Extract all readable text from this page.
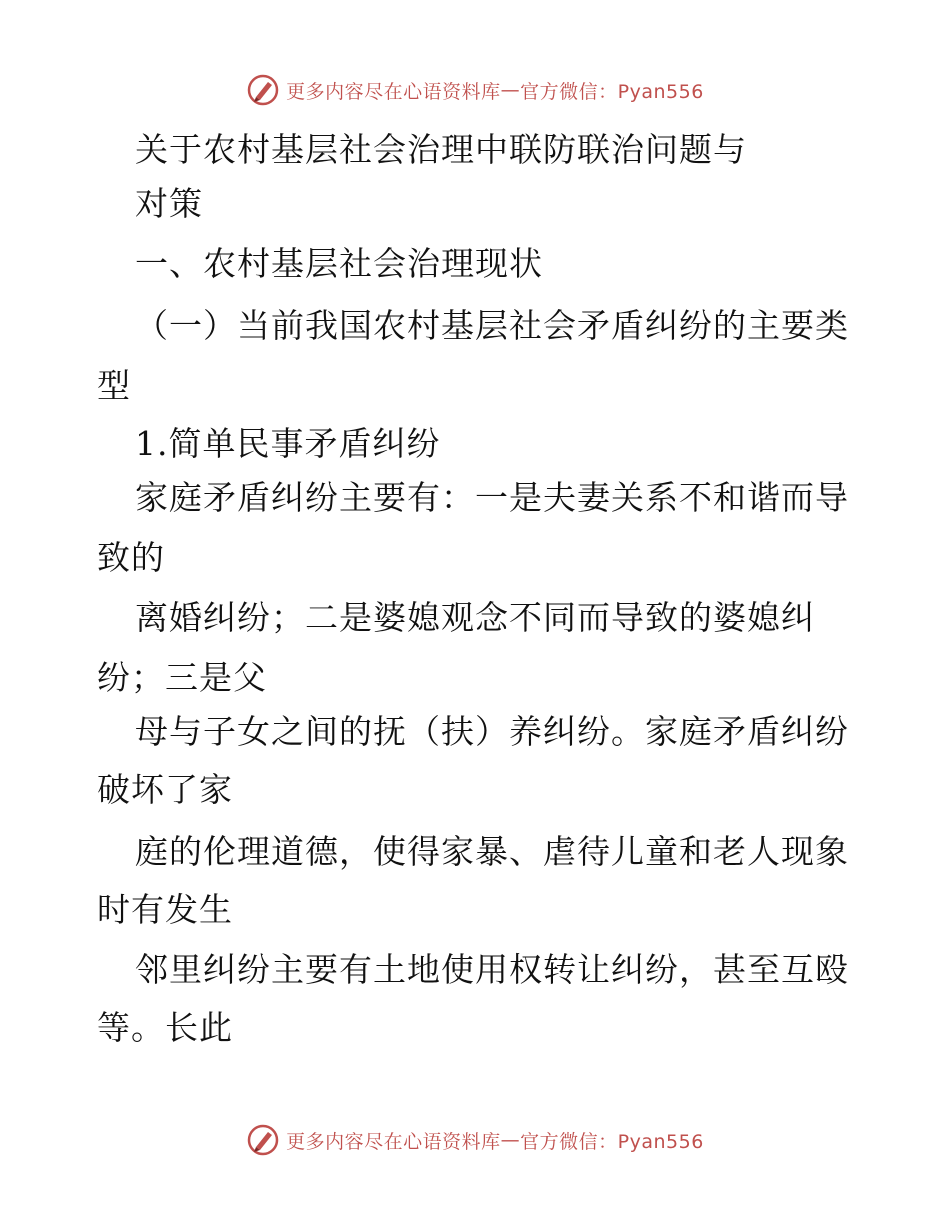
更多内容尽在心语资料库 — 官方微信：Pyan556
关于农村基层社会治理中联防联治问题与
对策
一、农村基层社会治理现状
（一）当前我国农村基层社会矛盾纠纷的主要类
型
1.简单民事矛盾纠纷
家庭矛盾纠纷主要有：一是夫妻关系不和谐而导
致的
离婚纠纷；二是婆媳观念不同而导致的婆媳纠
纷；三是父
母与子女之间的抚（扶）养纠纷。家庭矛盾纠纷
破坏了家
庭的伦理道德，使得家暴、虐待儿童和老人现象
时有发生
邻里纠纷主要有土地使用权转让纠纷，甚至互殴
等。长此
更多内容尽在心语资料库 — 官方微信：Pyan556
